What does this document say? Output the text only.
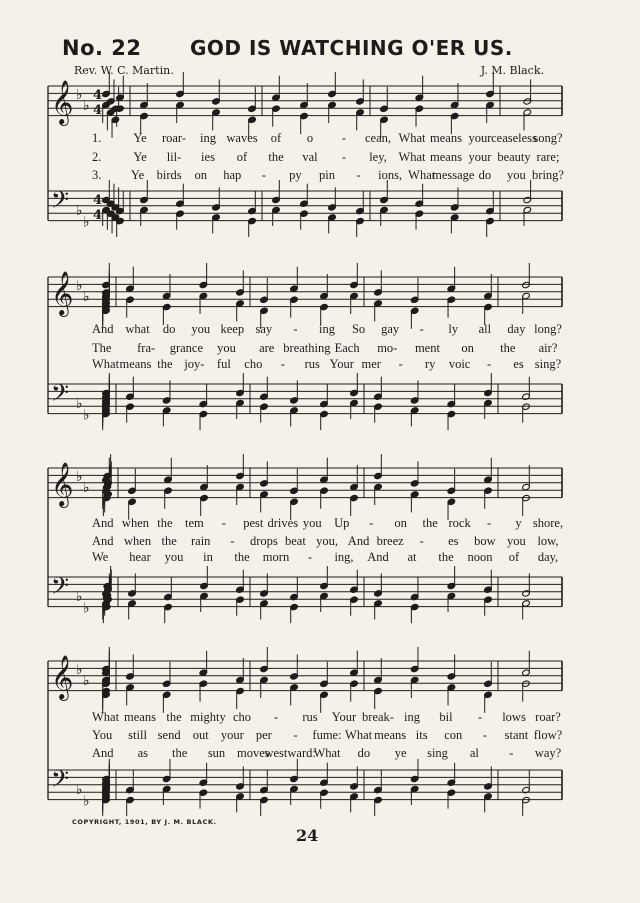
No. 22 GOD IS WATCHING O'ER US.
Rev. W. C. Martin.	J. M. Black.
𝄞 ♭
♭
𝄢 ♭
♭
4
4
4
4
𝄞 ♭
♭
𝄢 ♭
♭
𝄞 ♭
♭
𝄢 ♭
♭
𝄞 ♭
♭
𝄢 ♭
♭
1.	Ye roar- ing waves of o - cean, What means your ceaseless
song?
2.	Ye lil- ies of the val - ley, What means your beauty rare;
3. Ye birds on hap - py pin - ions, What
message do you bring?
And what do you keep say - ing So gay - ly all day long?
The fra- grance you are breathing Each mo- ment on the air?
What means the joy- ful cho - rus Your mer - ry voic - es sing?
And when the tem - pest drives you Up - on the rock - y shore,
And when the rain - drops beat you, And breez - es bow you low,
We hear you in the morn - ing, And at the noon of day,
What means the mighty cho - rus Your break- ing bil - lows roar?
You still send out your per - fume: What means its con - stant flow?
And as the sun moves
westward:
What do ye sing al - way?
COPYRIGHT, 1901, BY J. M. BLACK.
24
